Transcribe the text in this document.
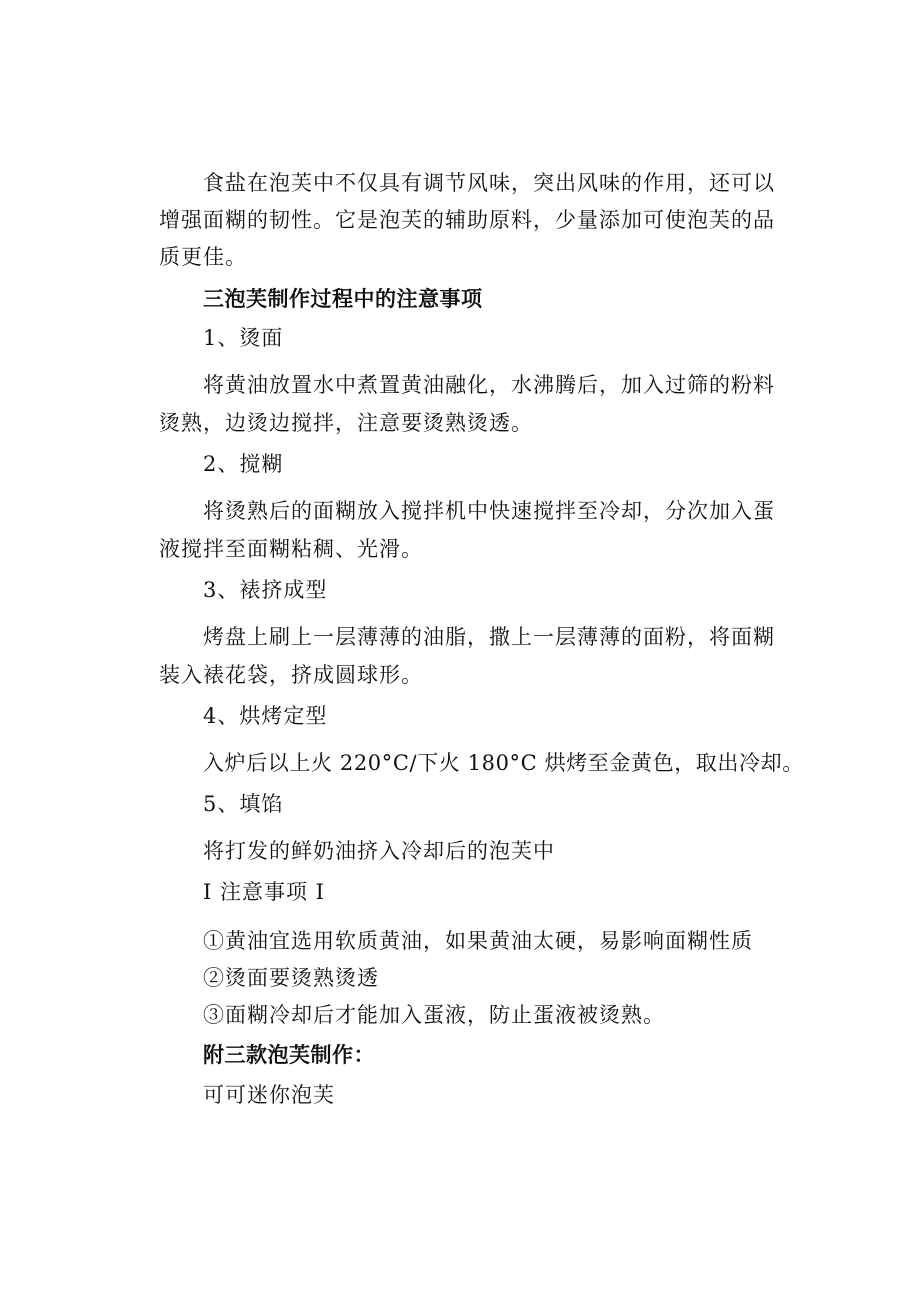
食盐在泡芙中不仅具有调节风味，突出风味的作用，还可以
增强面糊的韧性。它是泡芙的辅助原料，少量添加可使泡芙的品
质更佳。
三泡芙制作过程中的注意事项
1、烫面
将黄油放置水中煮置黄油融化，水沸腾后，加入过筛的粉料
烫熟，边烫边搅拌，注意要烫熟烫透。
2、搅糊
将烫熟后的面糊放入搅拌机中快速搅拌至冷却，分次加入蛋
液搅拌至面糊粘稠、光滑。
3、裱挤成型
烤盘上刷上一层薄薄的油脂，撒上一层薄薄的面粉，将面糊
装入裱花袋，挤成圆球形。
4、烘烤定型
入炉后以上火 220°C∕下火 180°C 烘烤至金黄色，取出冷却。
5、填馅
将打发的鲜奶油挤入冷却后的泡芙中
I 注意事项 I
①黄油宜选用软质黄油，如果黄油太硬，易影响面糊性质
②烫面要烫熟烫透
③面糊冷却后才能加入蛋液，防止蛋液被烫熟。
附三款泡芙制作：
可可迷你泡芙
